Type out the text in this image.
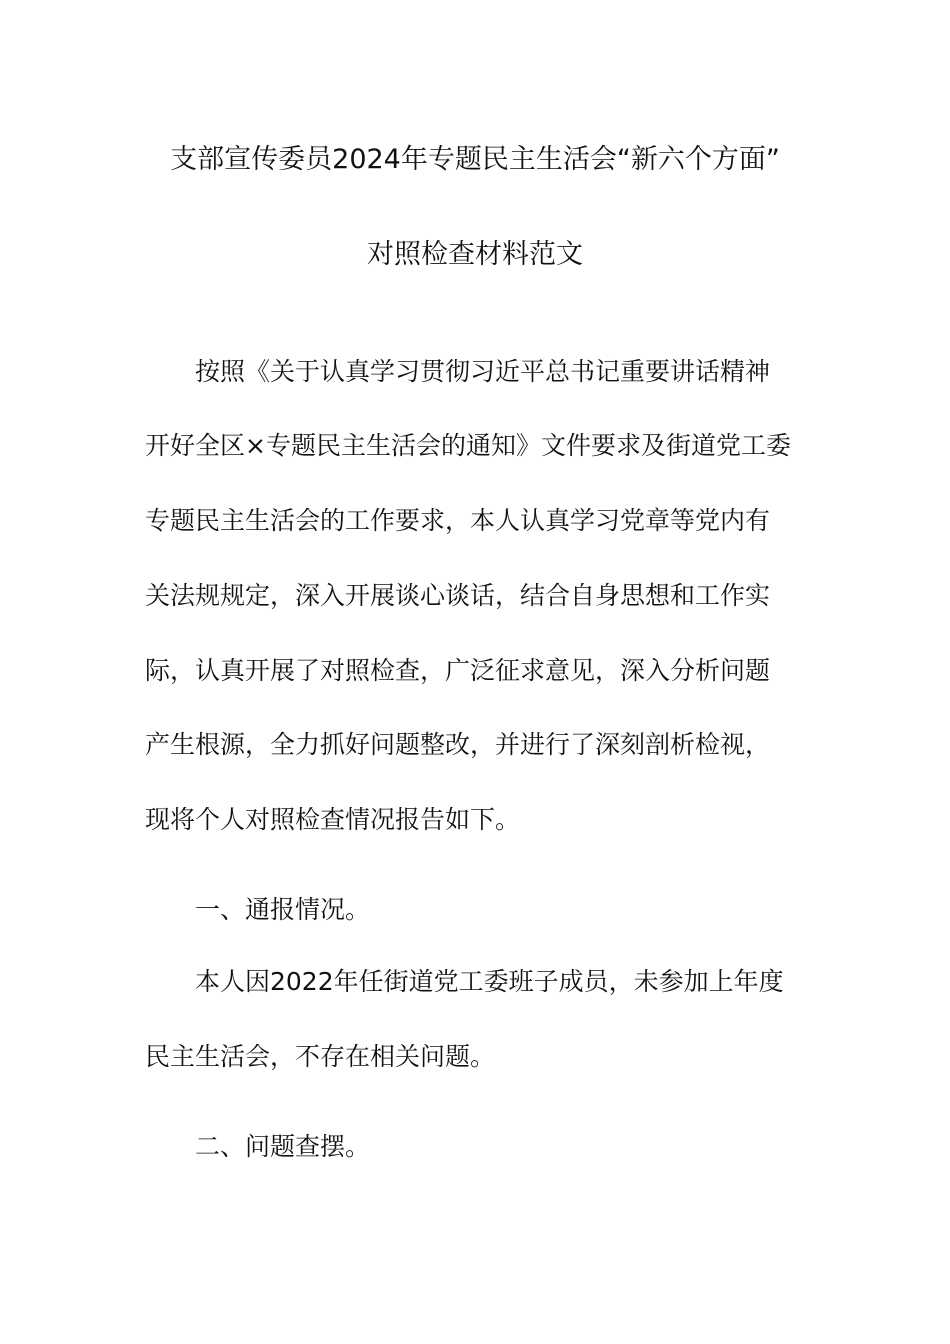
支部宣传委员2024年专题民主生活会“新六个方面”
对照检查材料范文
按照《关于认真学习贯彻习近平总书记重要讲话精神
开好全区×专题民主生活会的通知》文件要求及街道党工委
专题民主生活会的工作要求，本人认真学习党章等党内有
关法规规定，深入开展谈心谈话，结合自身思想和工作实
际，认真开展了对照检查，广泛征求意见，深入分析问题
产生根源，全力抓好问题整改，并进行了深刻剖析检视，
现将个人对照检查情况报告如下。
一、通报情况。
本人因2022年任街道党工委班子成员，未参加上年度
民主生活会，不存在相关问题。
二、问题查摆。
